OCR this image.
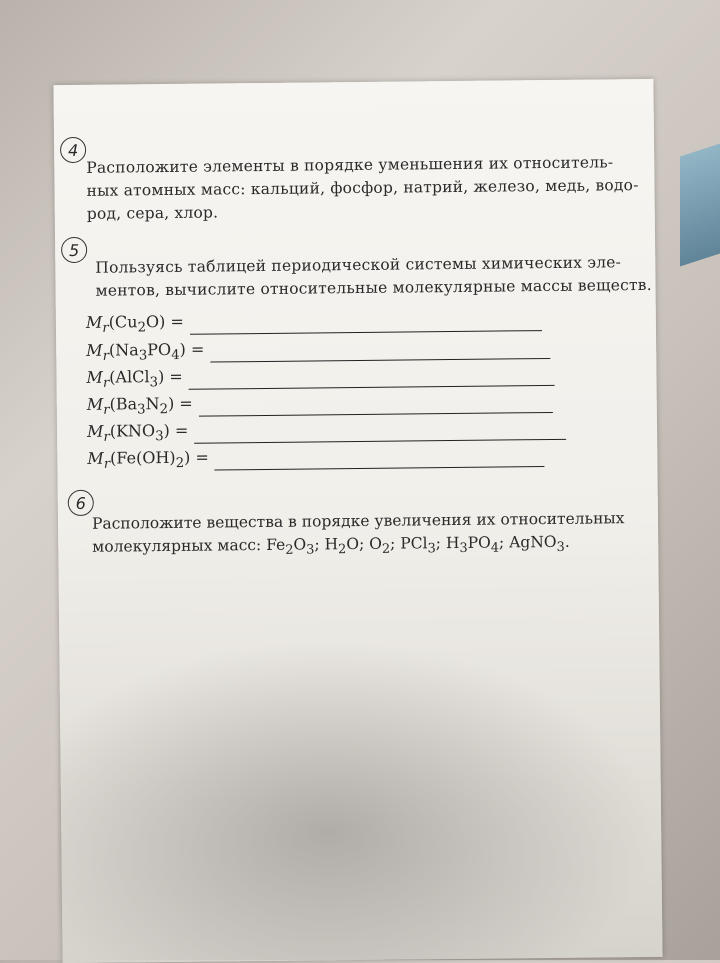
4
Расположите элементы в порядке уменьшения их относитель-
ных атомных масс: кальций, фосфор, натрий, железо, медь, водо-
род, сера, хлор.
5
Пользуясь таблицей периодической системы химических эле-
ментов, вычислите относительные молекулярные массы веществ.
$M_r$ $(Cu_2O)$ =
$M_r$ $(Na_3PO_4)$ =
$M_r$ (AlCl$_3$) =
$M_r$ $(Ba_3N_2)$ =
$M_r$ $(KNO_3)$ =
$M_r$ $(Fe(OH)_2)$ =
6
Расположите вещества в порядке увеличения их относительных
молекулярных масс: $Fe_2O_3$; $H_2O$; $O_2$; PCl$_3$; $H_3PO_4$; AgNO$_3$.
